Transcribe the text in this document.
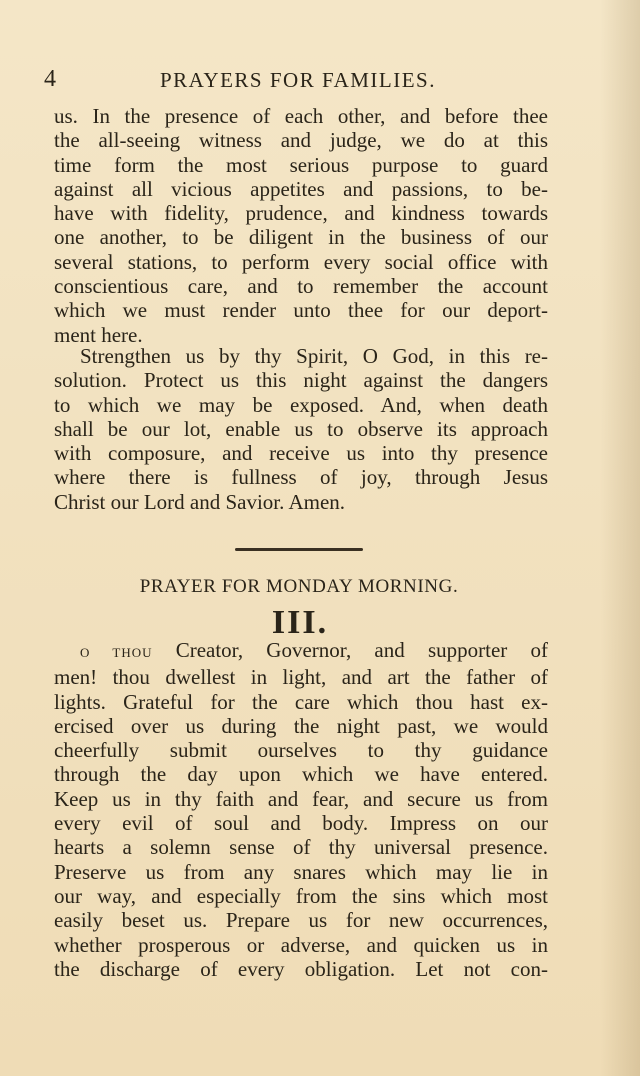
4	PRAYERS FOR FAMILIES.
us. In the presence of each other, and before thee
the all-seeing witness and judge, we do at this
time form the most serious purpose to guard
against all vicious appetites and passions, to be-
have with fidelity, prudence, and kindness towards
one another, to be diligent in the business of our
several stations, to perform every social office with
conscientious care, and to remember the account
which we must render unto thee for our deport-
ment here.
Strengthen us by thy Spirit, O God, in this re-
solution. Protect us this night against the dangers
to which we may be exposed. And, when death
shall be our lot, enable us to observe its approach
with composure, and receive us into thy presence
where there is fullness of joy, through Jesus
Christ our Lord and Savior. Amen.
PRAYER FOR MONDAY MORNING.
III.
O THOU Creator, Governor, and supporter of
men! thou dwellest in light, and art the father of
lights. Grateful for the care which thou hast ex-
ercised over us during the night past, we would
cheerfully submit ourselves to thy guidance
through the day upon which we have entered.
Keep us in thy faith and fear, and secure us from
every evil of soul and body. Impress on our
hearts a solemn sense of thy universal presence.
Preserve us from any snares which may lie in
our way, and especially from the sins which most
easily beset us. Prepare us for new occurrences,
whether prosperous or adverse, and quicken us in
the discharge of every obligation. Let not con-
